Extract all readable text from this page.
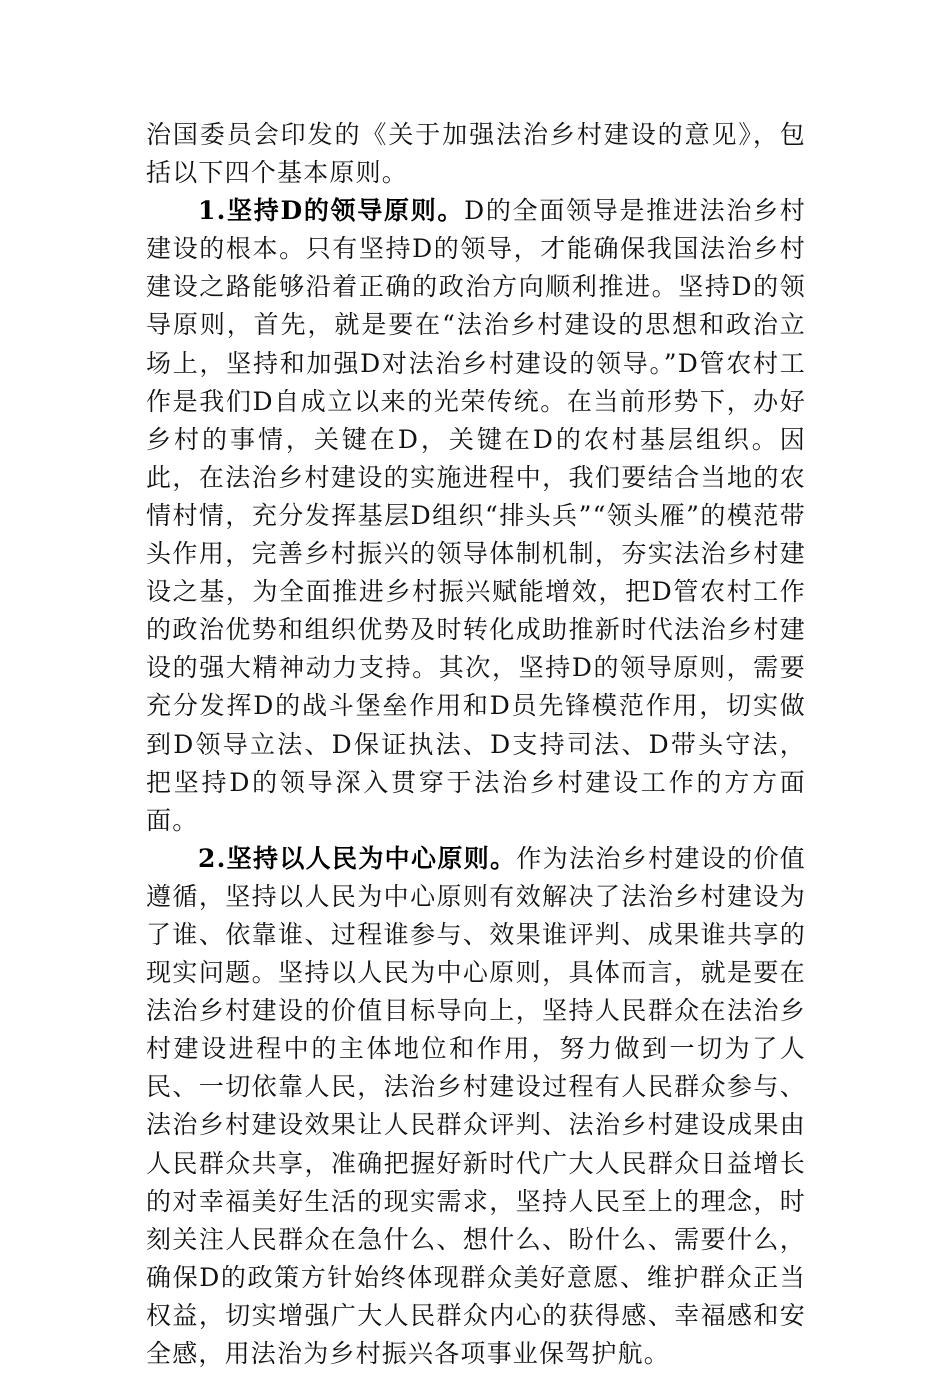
治国委员会印发的《关于加强法治乡村建设的意见》，包括以下四个基本原则。

1.坚持D的领导原则。D的全面领导是推进法治乡村建设的根本。只有坚持D的领导，才能确保我国法治乡村建设之路能够沿着正确的政治方向顺利推进。坚持D的领导原则，首先，就是要在“法治乡村建设的思想和政治立场上，坚持和加强D对法治乡村建设的领导。”D管农村工作是我们D自成立以来的光荣传统。在当前形势下，办好乡村的事情，关键在D，关键在D的农村基层组织。因此，在法治乡村建设的实施进程中，我们要结合当地的农情村情，充分发挥基层D组织“排头兵”“领头雁”的模范带头作用，完善乡村振兴的领导体制机制，夯实法治乡村建设之基，为全面推进乡村振兴赋能增效，把D管农村工作的政治优势和组织优势及时转化成助推新时代法治乡村建设的强大精神动力支持。其次，坚持D的领导原则，需要充分发挥D的战斗堡垒作用和D员先锋模范作用，切实做到D领导立法、D保证执法、D支持司法、D带头守法，把坚持D的领导深入贯穿于法治乡村建设工作的方方面面。

2.坚持以人民为中心原则。作为法治乡村建设的价值遵循，坚持以人民为中心原则有效解决了法治乡村建设为了谁、依靠谁、过程谁参与、效果谁评判、成果谁共享的现实问题。坚持以人民为中心原则，具体而言，就是要在法治乡村建设的价值目标导向上，坚持人民群众在法治乡村建设进程中的主体地位和作用，努力做到一切为了人民、一切依靠人民，法治乡村建设过程有人民群众参与、法治乡村建设效果让人民群众评判、法治乡村建设成果由人民群众共享，准确把握好新时代广大人民群众日益增长的对幸福美好生活的现实需求，坚持人民至上的理念，时刻关注人民群众在急什么、想什么、盼什么、需要什么，确保D的政策方针始终体现群众美好意愿、维护群众正当权益，切实增强广大人民群众内心的获得感、幸福感和安全感，用法治为乡村振兴各项事业保驾护航。
